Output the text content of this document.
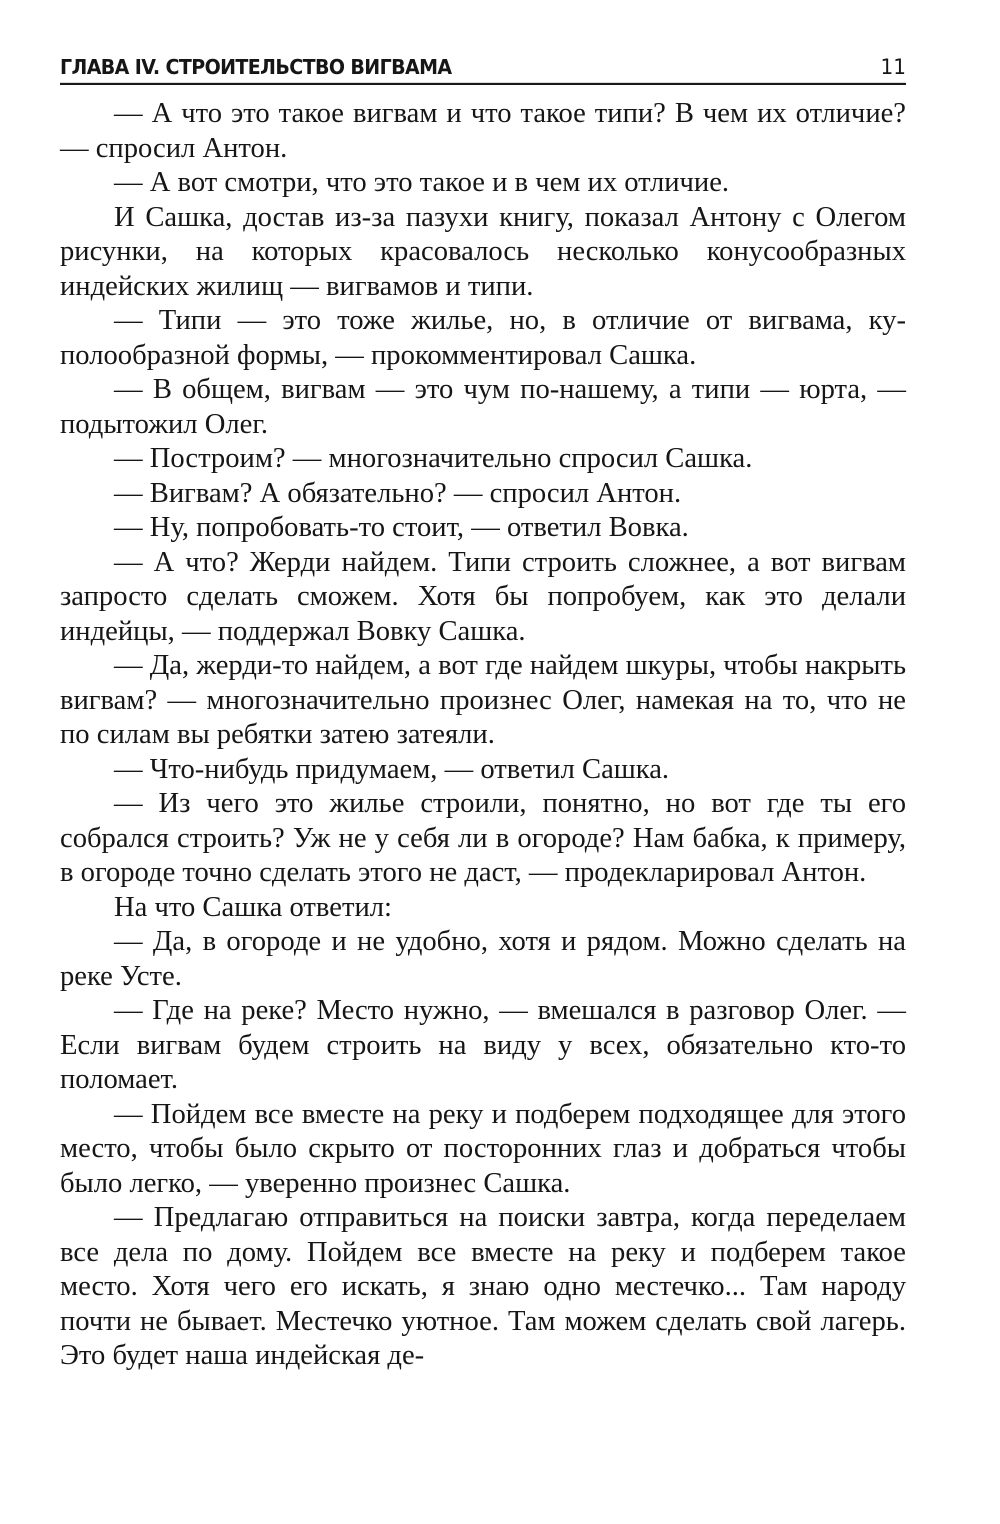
ГЛАВА IV. СТРОИТЕЛЬСТВО ВИГВАМА	11

— А что это такое вигвам и что такое типи? В чем их отличие? — спросил Антон.

— А вот смотри, что это такое и в чем их отличие.

И Сашка, достав из-за пазухи книгу, показал Антону с Олегом рисунки, на которых красовалось несколько конусообразных индейских жилищ — вигвамов и типи.

— Типи — это тоже жилье, но, в отличие от вигвама, куполообразной формы, — прокомментировал Сашка.

— В общем, вигвам — это чум по-нашему, а типи — юрта, — подытожил Олег.

— Построим? — многозначительно спросил Сашка.

— Вигвам? А обязательно? — спросил Антон.

— Ну, попробовать-то стоит, — ответил Вовка.

— А что? Жерди найдем. Типи строить сложнее, а вот вигвам запросто сделать сможем. Хотя бы попробуем, как это делали индейцы, — поддержал Вовку Сашка.

— Да, жерди-то найдем, а вот где найдем шкуры, чтобы накрыть вигвам? — многозначительно произнес Олег, намекая на то, что не по силам вы ребятки затею затеяли.

— Что-нибудь придумаем, — ответил Сашка.

— Из чего это жилье строили, понятно, но вот где ты его собрался строить? Уж не у себя ли в огороде? Нам бабка, к примеру, в огороде точно сделать этого не даст, — продекларировал Антон.

На что Сашка ответил:

— Да, в огороде и не удобно, хотя и рядом. Можно сделать на реке Усте.

— Где на реке? Место нужно, — вмешался в разговор Олег. — Если вигвам будем строить на виду у всех, обязательно кто-то поломает.

— Пойдем все вместе на реку и подберем подходящее для этого место, чтобы было скрыто от посторонних глаз и добраться чтобы было легко, — уверенно произнес Сашка.

— Предлагаю отправиться на поиски завтра, когда переделаем все дела по дому. Пойдем все вместе на реку и подберем такое место. Хотя чего его искать, я знаю одно местечко... Там народу почти не бывает. Местечко уютное. Там можем сделать свой лагерь. Это будет наша индейская де-
